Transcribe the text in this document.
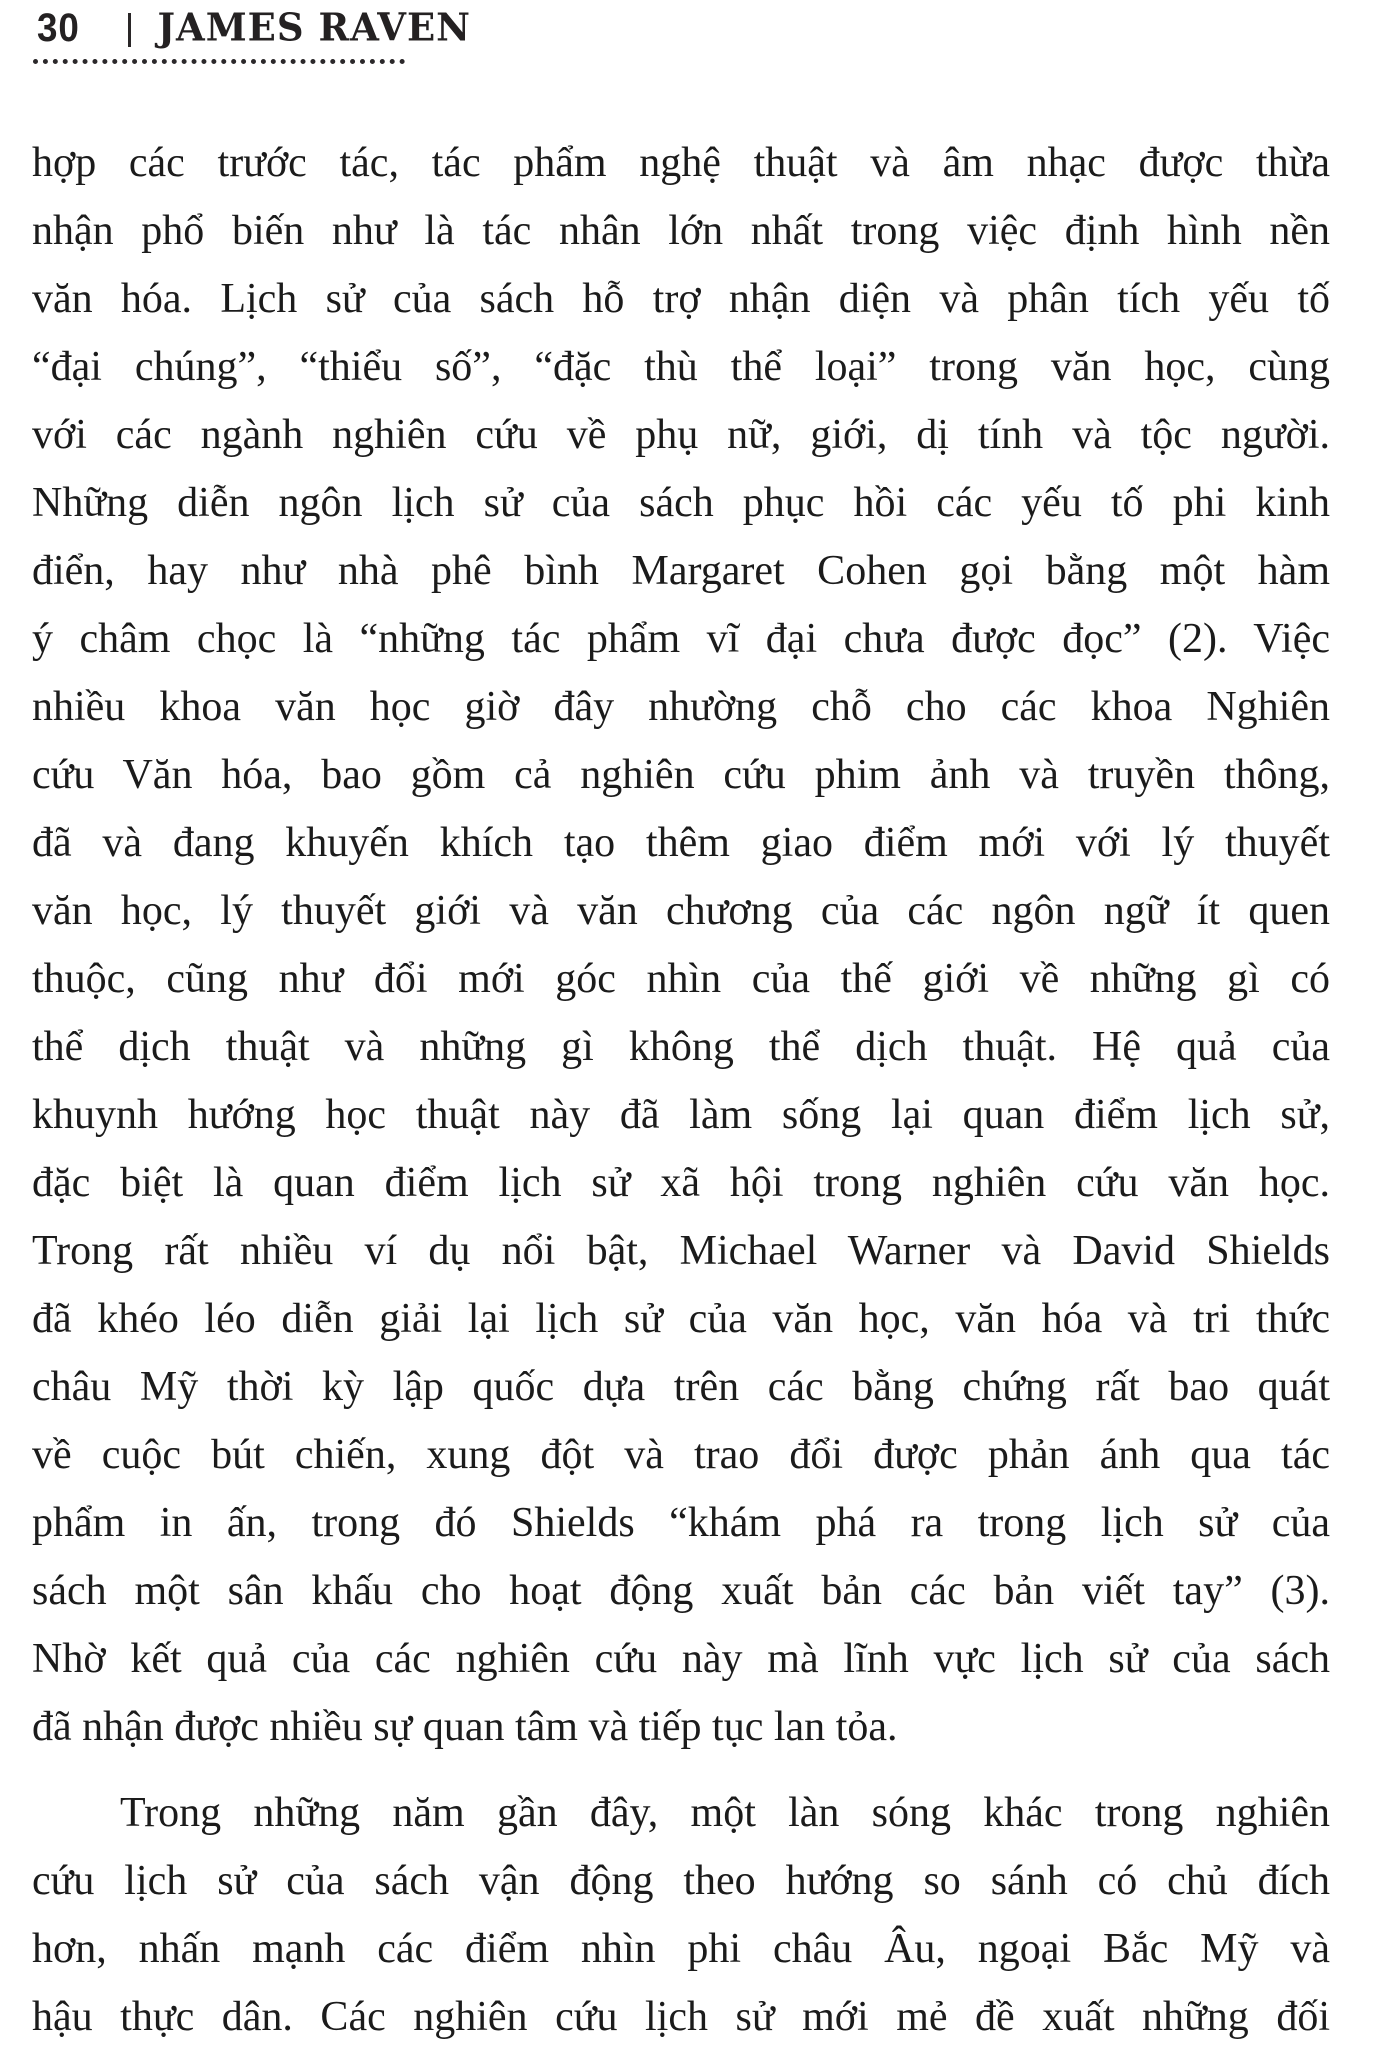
30 JAMES RAVEN
hợp các trước tác, tác phẩm nghệ thuật và âm nhạc được thừa
nhận phổ biến như là tác nhân lớn nhất trong việc định hình nền
văn hóa. Lịch sử của sách hỗ trợ nhận diện và phân tích yếu tố
“đại chúng”, “thiểu số”, “đặc thù thể loại” trong văn học, cùng
với các ngành nghiên cứu về phụ nữ, giới, dị tính và tộc người.
Những diễn ngôn lịch sử của sách phục hồi các yếu tố phi kinh
điển, hay như nhà phê bình Margaret Cohen gọi bằng một hàm
ý châm chọc là “những tác phẩm vĩ đại chưa được đọc” (2). Việc
nhiều khoa văn học giờ đây nhường chỗ cho các khoa Nghiên
cứu Văn hóa, bao gồm cả nghiên cứu phim ảnh và truyền thông,
đã và đang khuyến khích tạo thêm giao điểm mới với lý thuyết
văn học, lý thuyết giới và văn chương của các ngôn ngữ ít quen
thuộc, cũng như đổi mới góc nhìn của thế giới về những gì có
thể dịch thuật và những gì không thể dịch thuật. Hệ quả của
khuynh hướng học thuật này đã làm sống lại quan điểm lịch sử,
đặc biệt là quan điểm lịch sử xã hội trong nghiên cứu văn học.
Trong rất nhiều ví dụ nổi bật, Michael Warner và David Shields
đã khéo léo diễn giải lại lịch sử của văn học, văn hóa và tri thức
châu Mỹ thời kỳ lập quốc dựa trên các bằng chứng rất bao quát
về cuộc bút chiến, xung đột và trao đổi được phản ánh qua tác
phẩm in ấn, trong đó Shields “khám phá ra trong lịch sử của
sách một sân khấu cho hoạt động xuất bản các bản viết tay” (3).
Nhờ kết quả của các nghiên cứu này mà lĩnh vực lịch sử của sách
đã nhận được nhiều sự quan tâm và tiếp tục lan tỏa.
Trong những năm gần đây, một làn sóng khác trong nghiên
cứu lịch sử của sách vận động theo hướng so sánh có chủ đích
hơn, nhấn mạnh các điểm nhìn phi châu Âu, ngoại Bắc Mỹ và
hậu thực dân. Các nghiên cứu lịch sử mới mẻ đề xuất những đối
